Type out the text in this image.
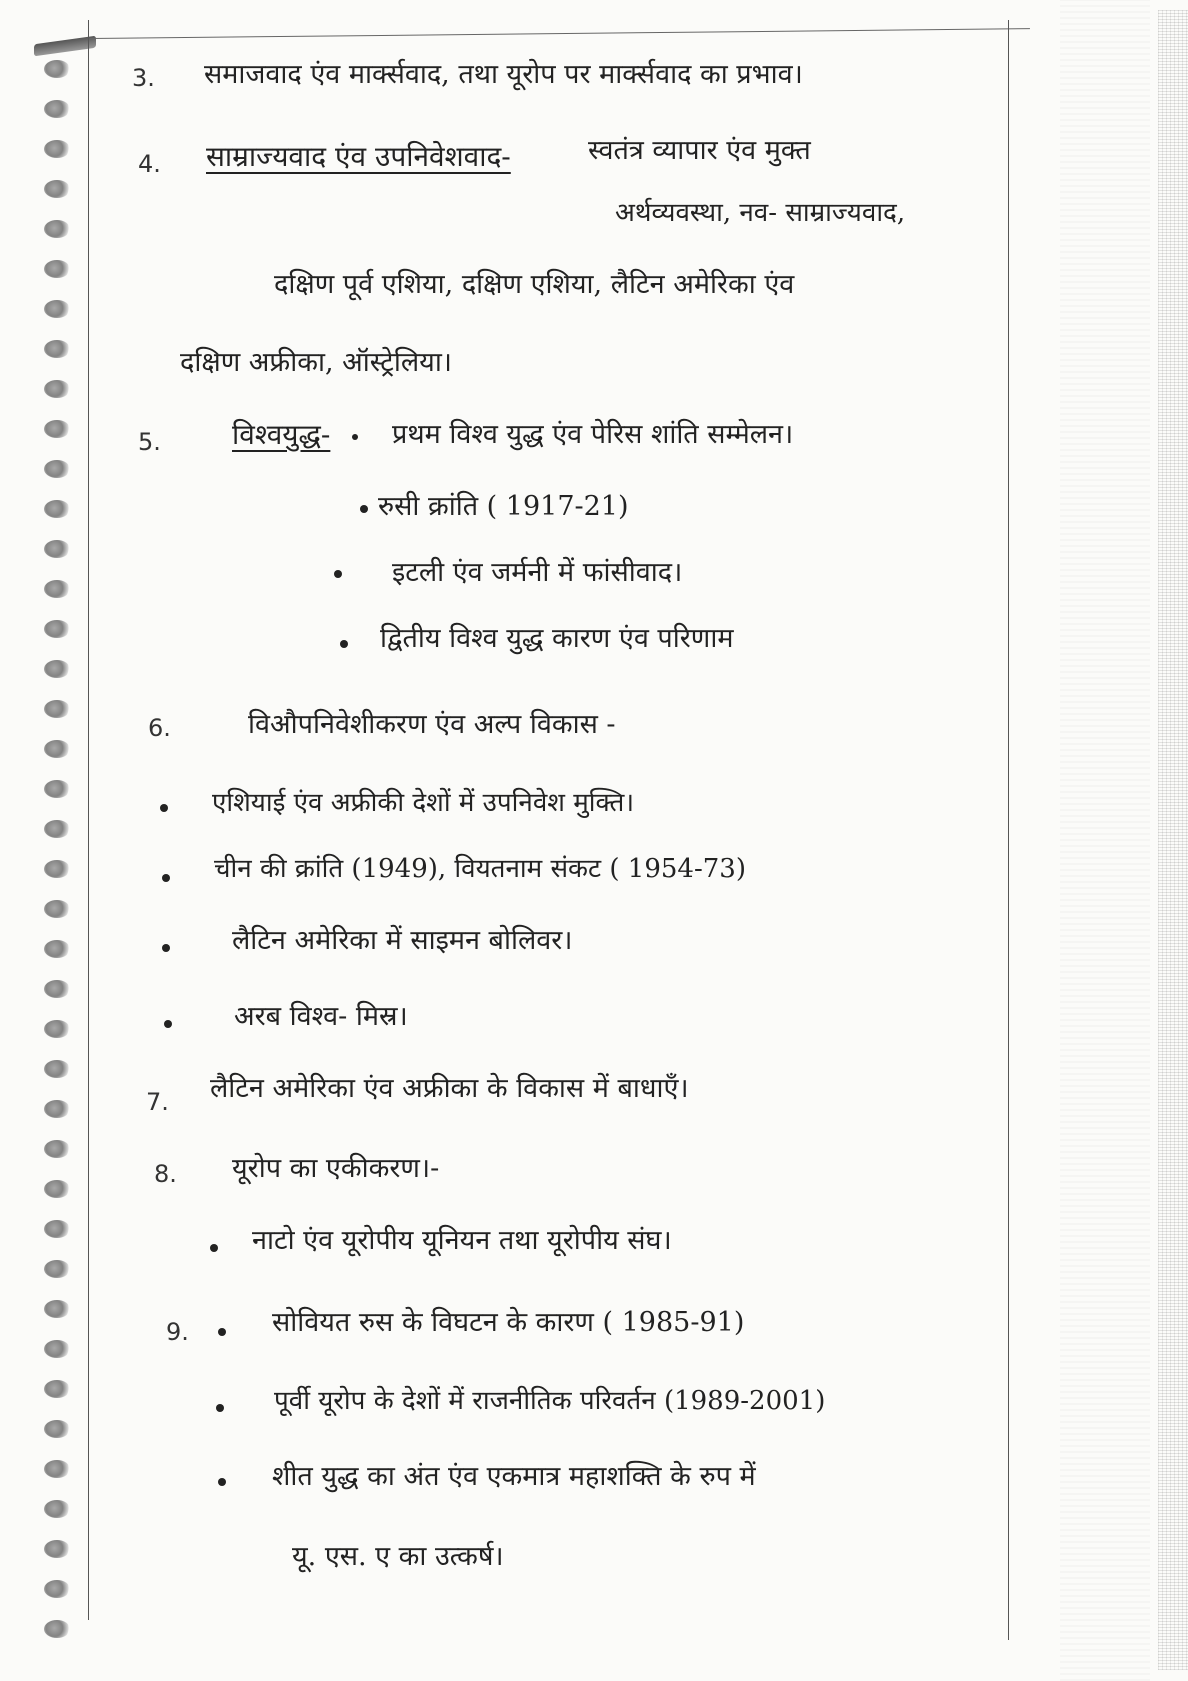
3. समाजवाद एंव मार्क्सवाद, तथा यूरोप पर मार्क्सवाद का प्रभाव।
4. साम्राज्यवाद एंव उपनिवेशवाद-	स्वतंत्र व्यापार एंव मुक्त
अर्थव्यवस्था, नव- साम्राज्यवाद,
दक्षिण पूर्व एशिया, दक्षिण एशिया, लैटिन अमेरिका एंव
दक्षिण अफ्रीका, ऑस्ट्रेलिया।
5.	विश्वयुद्ध- प्रथम विश्व युद्ध एंव पेरिस शांति सम्मेलन।
रुसी क्रांति ( 1917-21)
इटली एंव जर्मनी में फांसीवाद।
द्वितीय विश्व युद्ध कारण एंव परिणाम
6.	विऔपनिवेशीकरण एंव अल्प विकास -
एशियाई एंव अफ्रीकी देशों में उपनिवेश मुक्ति।
चीन की क्रांति (1949), वियतनाम संकट ( 1954-73)
लैटिन अमेरिका में साइमन बोलिवर।
अरब विश्व- मिस्र।
7. लैटिन अमेरिका एंव अफ्रीका के विकास में बाधाएँ।
8. यूरोप का एकीकरण।-
नाटो एंव यूरोपीय यूनियन तथा यूरोपीय संघ।
9.	सोवियत रुस के विघटन के कारण ( 1985-91)
पूर्वी यूरोप के देशों में राजनीतिक परिवर्तन (1989-2001)
शीत युद्ध का अंत एंव एकमात्र महाशक्ति के रुप में
यू. एस. ए का उत्कर्ष।
